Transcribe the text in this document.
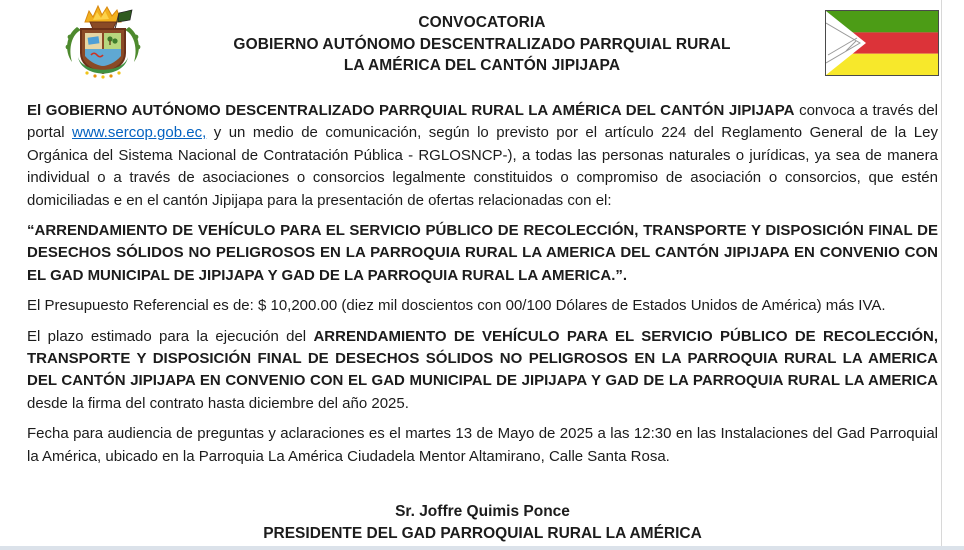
CONVOCATORIA
GOBIERNO AUTÓNOMO DESCENTRALIZADO PARRQUIAL RURAL
LA AMÉRICA DEL CANTÓN JIPIJAPA

El GOBIERNO AUTÓNOMO DESCENTRALIZADO PARRQUIAL RURAL LA AMÉRICA DEL CANTÓN JIPIJAPA convoca a través del portal www.sercop.gob.ec, y un medio de comunicación, según lo previsto por el artículo 224 del Reglamento General de la Ley Orgánica del Sistema Nacional de Contratación Pública - RGLOSNCP-), a todas las personas naturales o jurídicas, ya sea de manera individual o a través de asociaciones o consorcios legalmente constituidos o compromiso de asociación o consorcios, que estén domiciliadas e en el cantón Jipijapa para la presentación de ofertas relacionadas con el:

“ARRENDAMIENTO DE VEHÍCULO PARA EL SERVICIO PÚBLICO DE RECOLECCIÓN, TRANSPORTE Y DISPOSICIÓN FINAL DE DESECHOS SÓLIDOS NO PELIGROSOS EN LA PARROQUIA RURAL LA AMERICA DEL CANTÓN JIPIJAPA EN CONVENIO CON EL GAD MUNICIPAL DE JIPIJAPA Y GAD DE LA PARROQUIA RURAL LA AMERICA.”.

El Presupuesto Referencial es de: $ 10,200.00 (diez mil doscientos con 00/100 Dólares de Estados Unidos de América) más IVA.

El plazo estimado para la ejecución del ARRENDAMIENTO DE VEHÍCULO PARA EL SERVICIO PÚBLICO DE RECOLECCIÓN, TRANSPORTE Y DISPOSICIÓN FINAL DE DESECHOS SÓLIDOS NO PELIGROSOS EN LA PARROQUIA RURAL LA AMERICA DEL CANTÓN JIPIJAPA EN CONVENIO CON EL GAD MUNICIPAL DE JIPIJAPA Y GAD DE LA PARROQUIA RURAL LA AMERICA desde la firma del contrato hasta diciembre del año 2025.

Fecha para audiencia de preguntas y aclaraciones es el martes 13 de Mayo de 2025 a las 12:30 en las Instalaciones del Gad Parroquial la América, ubicado en la Parroquia La América Ciudadela Mentor Altamirano, Calle Santa Rosa.

Sr. Joffre Quimis Ponce
PRESIDENTE DEL GAD PARROQUIAL RURAL LA AMÉRICA
